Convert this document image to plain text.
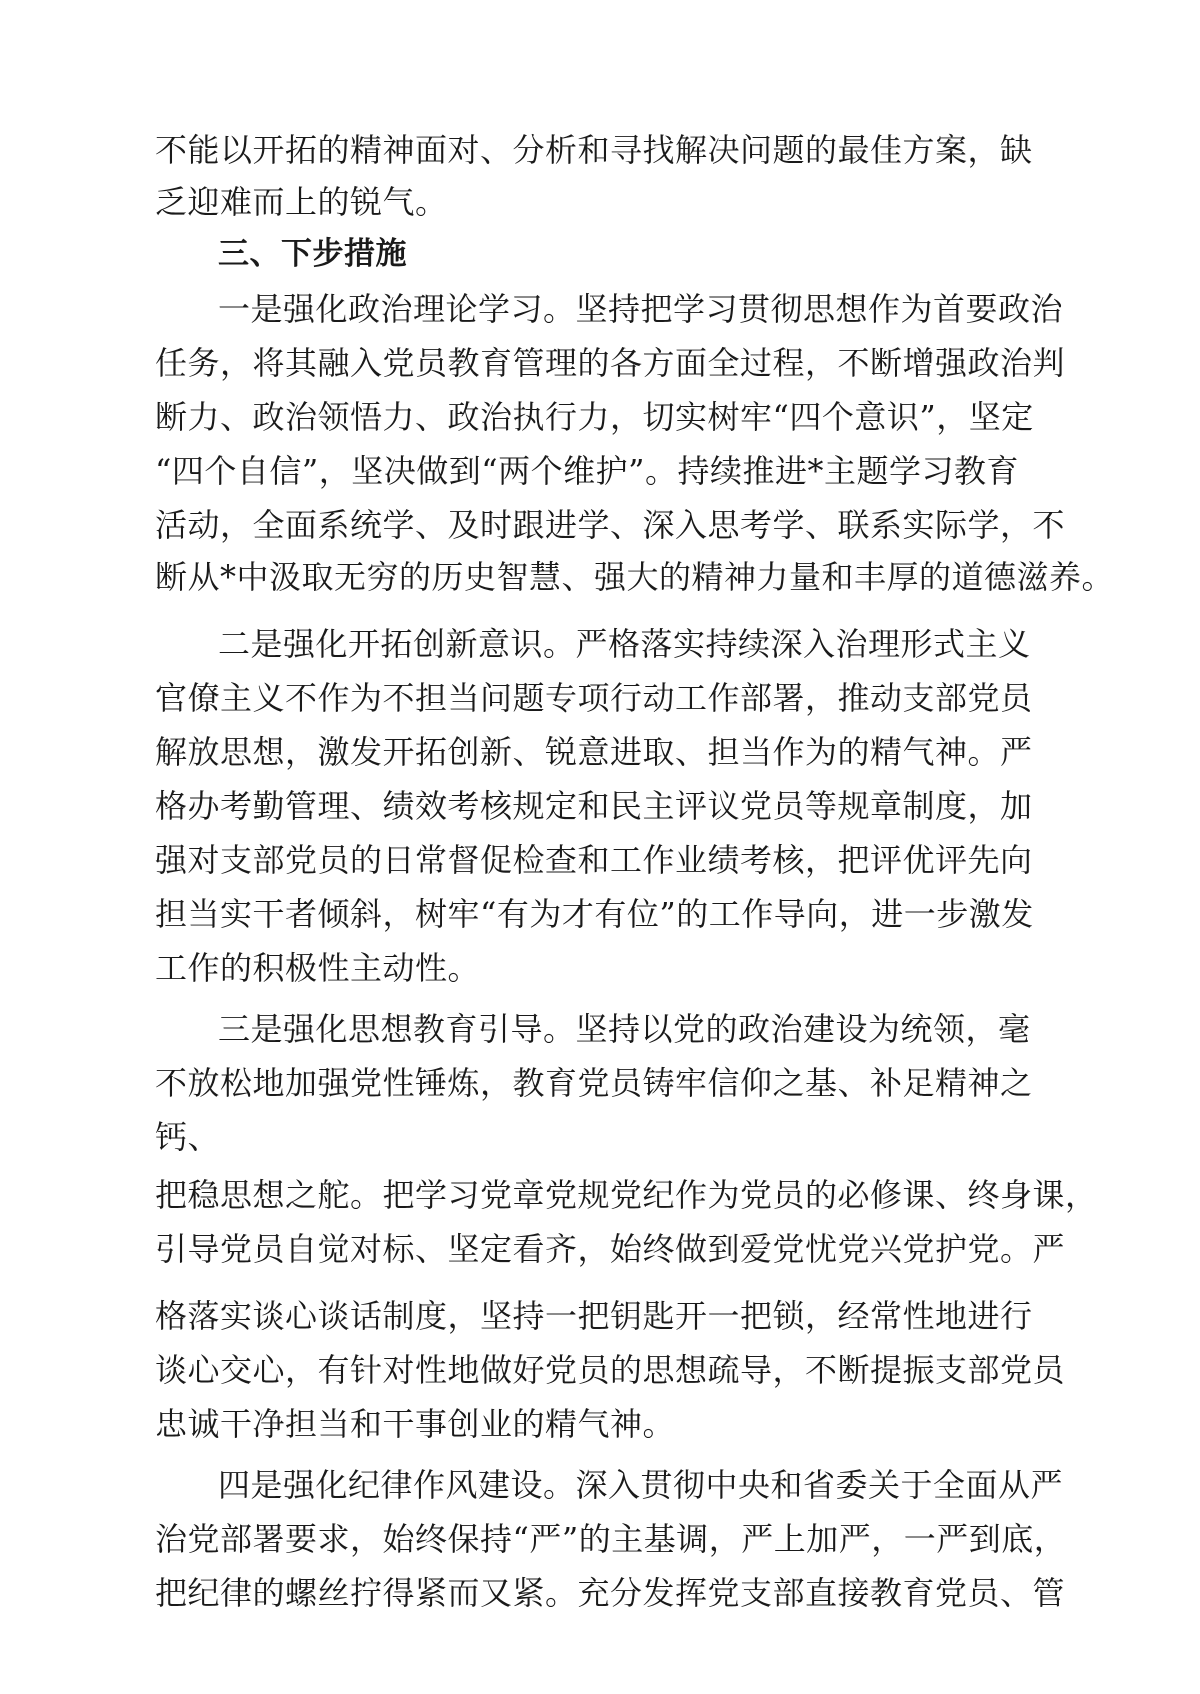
不能以开拓的精神面对、分析和寻找解决问题的最佳方案，缺
乏迎难而上的锐气。
三、下步措施
一是强化政治理论学习。坚持把学习贯彻思想作为首要政治
任务，将其融入党员教育管理的各方面全过程，不断增强政治判
断力、政治领悟力、政治执行力，切实树牢“四个意识”，坚定
“四个自信”，坚决做到“两个维护”。持续推进*主题学习教育
活动，全面系统学、及时跟进学、深入思考学、联系实际学，不
断从*中汲取无穷的历史智慧、强大的精神力量和丰厚的道德滋养。
二是强化开拓创新意识。严格落实持续深入治理形式主义
官僚主义不作为不担当问题专项行动工作部署，推动支部党员
解放思想，激发开拓创新、锐意进取、担当作为的精气神。严
格办考勤管理、绩效考核规定和民主评议党员等规章制度，加
强对支部党员的日常督促检查和工作业绩考核，把评优评先向
担当实干者倾斜，树牢“有为才有位”的工作导向，进一步激发
工作的积极性主动性。
三是强化思想教育引导。坚持以党的政治建设为统领，毫
不放松地加强党性锤炼，教育党员铸牢信仰之基、补足精神之
钙、
把稳思想之舵。把学习党章党规党纪作为党员的必修课、终身课，
引导党员自觉对标、坚定看齐，始终做到爱党忧党兴党护党。严
格落实谈心谈话制度，坚持一把钥匙开一把锁，经常性地进行
谈心交心，有针对性地做好党员的思想疏导，不断提振支部党员
忠诚干净担当和干事创业的精气神。
四是强化纪律作风建设。深入贯彻中央和省委关于全面从严
治党部署要求，始终保持“严”的主基调，严上加严，一严到底，
把纪律的螺丝拧得紧而又紧。充分发挥党支部直接教育党员、管
